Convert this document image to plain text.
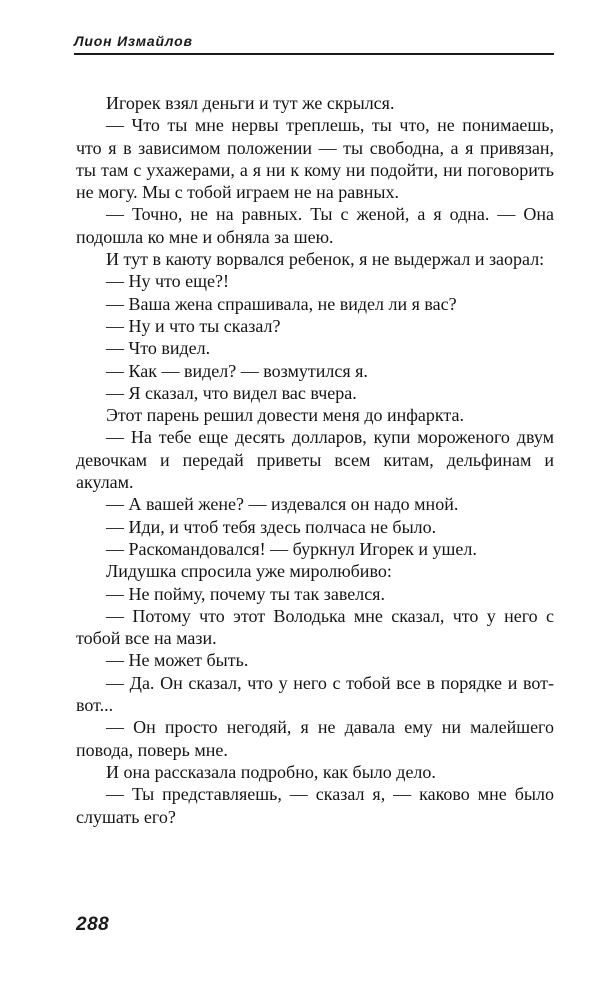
Лион Измайлов

Игорек взял деньги и тут же скрылся.

— Что ты мне нервы треплешь, ты что, не понимаешь, что я в зависимом положении — ты свободна, а я привязан, ты там с ухажерами, а я ни к кому ни подойти, ни поговорить не могу. Мы с тобой играем не на равных.

— Точно, не на равных. Ты с женой, а я одна. — Она подошла ко мне и обняла за шею.

И тут в каюту ворвался ребенок, я не выдержал и заорал:

— Ну что еще?!

— Ваша жена спрашивала, не видел ли я вас?

— Ну и что ты сказал?

— Что видел.

— Как — видел? — возмутился я.

— Я сказал, что видел вас вчера.

Этот парень решил довести меня до инфаркта.

— На тебе еще десять долларов, купи мороженого двум девочкам и передай приветы всем китам, дельфинам и акулам.

— А вашей жене? — издевался он надо мной.

— Иди, и чтоб тебя здесь полчаса не было.

— Раскомандовался! — буркнул Игорек и ушел.

Лидушка спросила уже миролюбиво:

— Не пойму, почему ты так завелся.

— Потому что этот Володька мне сказал, что у него с тобой все на мази.

— Не может быть.

— Да. Он сказал, что у него с тобой все в порядке и вот-вот...

— Он просто негодяй, я не давала ему ни малейшего повода, поверь мне.

И она рассказала подробно, как было дело.

— Ты представляешь, — сказал я, — каково мне было слушать его?

288
